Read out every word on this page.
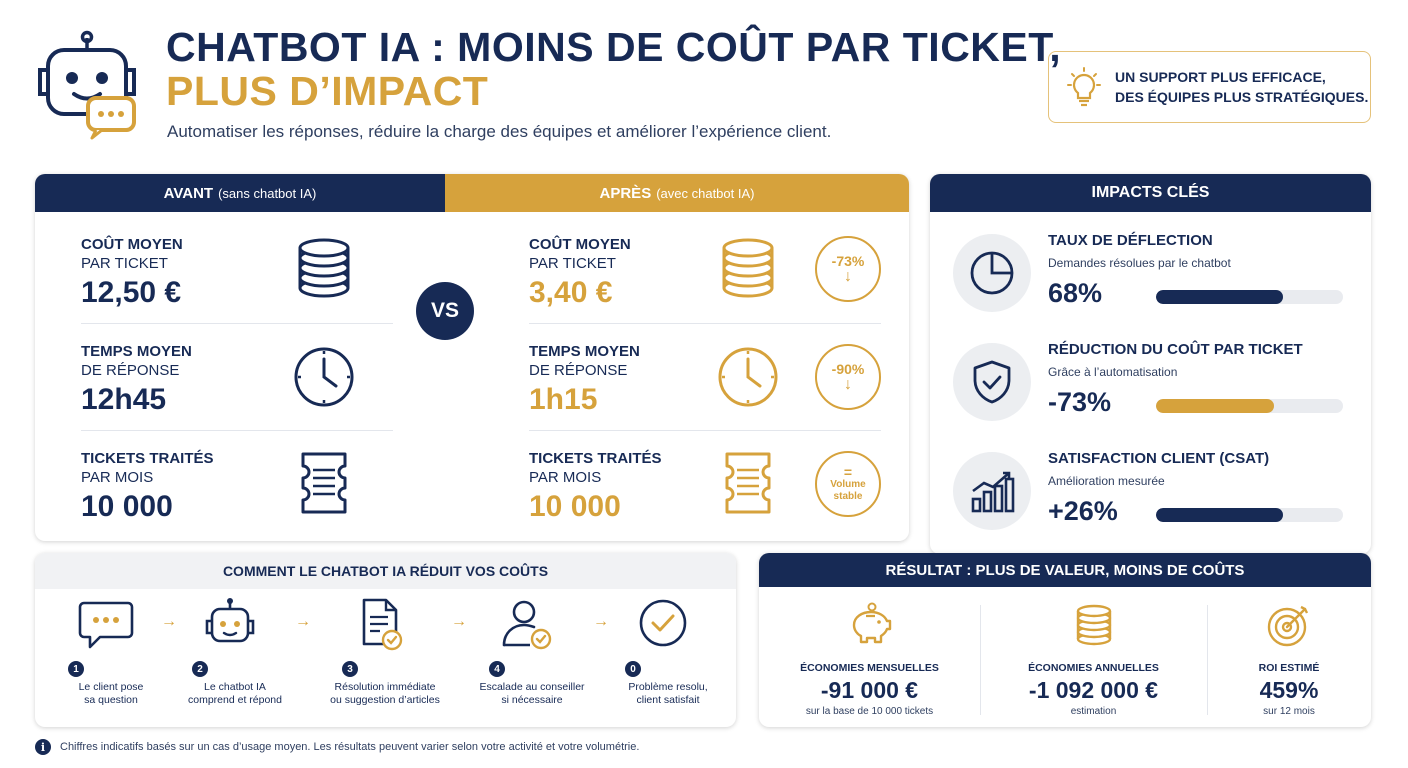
CHATBOT IA : MOINS DE COÛT PAR TICKET,
PLUS D’IMPACT
Automatiser les réponses, réduire la charge des équipes et améliorer l’expérience client.
UN SUPPORT PLUS EFFICACE,
DES ÉQUIPES PLUS STRATÉGIQUES.
AVANT (sans chatbot IA)	APRÈS (avec chatbot IA)
COÛT MOYEN
PAR TICKET
12,50 €
TEMPS MOYEN
DE RÉPONSE
12h45
TICKETS TRAITÉS
PAR MOIS
10 000
COÛT MOYEN
PAR TICKET
3,40 €
-73%
↓
TEMPS MOYEN
DE RÉPONSE
1h15
-90%
↓
TICKETS TRAITÉS
PAR MOIS
10 000
=
Volume
stable
VS
IMPACTS CLÉS
TAUX DE DÉFLECTION
Demandes résolues par le chatbot
68%
RÉDUCTION DU COÛT PAR TICKET
Grâce à l’automatisation
-73%
SATISFACTION CLIENT (CSAT)
Amélioration mesurée
+26%
COMMENT LE CHATBOT IA RÉDUIT VOS COÛTS
1
Le client pose
sa question
→
2
Le chatbot IA
comprend et répond
→
3
Résolution immédiate
ou suggestion d’articles
→
4
Escalade au conseiller
si nécessaire
→
0
Problème resolu,
client satisfait
RÉSULTAT : PLUS DE VALEUR, MOINS DE COÛTS
ÉCONOMIES MENSUELLES
-91 000 €
sur la base de 10 000 tickets
ÉCONOMIES ANNUELLES
-1 092 000 €
estimation
ROI ESTIMÉ
459%
sur 12 mois
i	Chiffres indicatifs basés sur un cas d’usage moyen. Les résultats peuvent varier selon votre activité et votre volumétrie.
